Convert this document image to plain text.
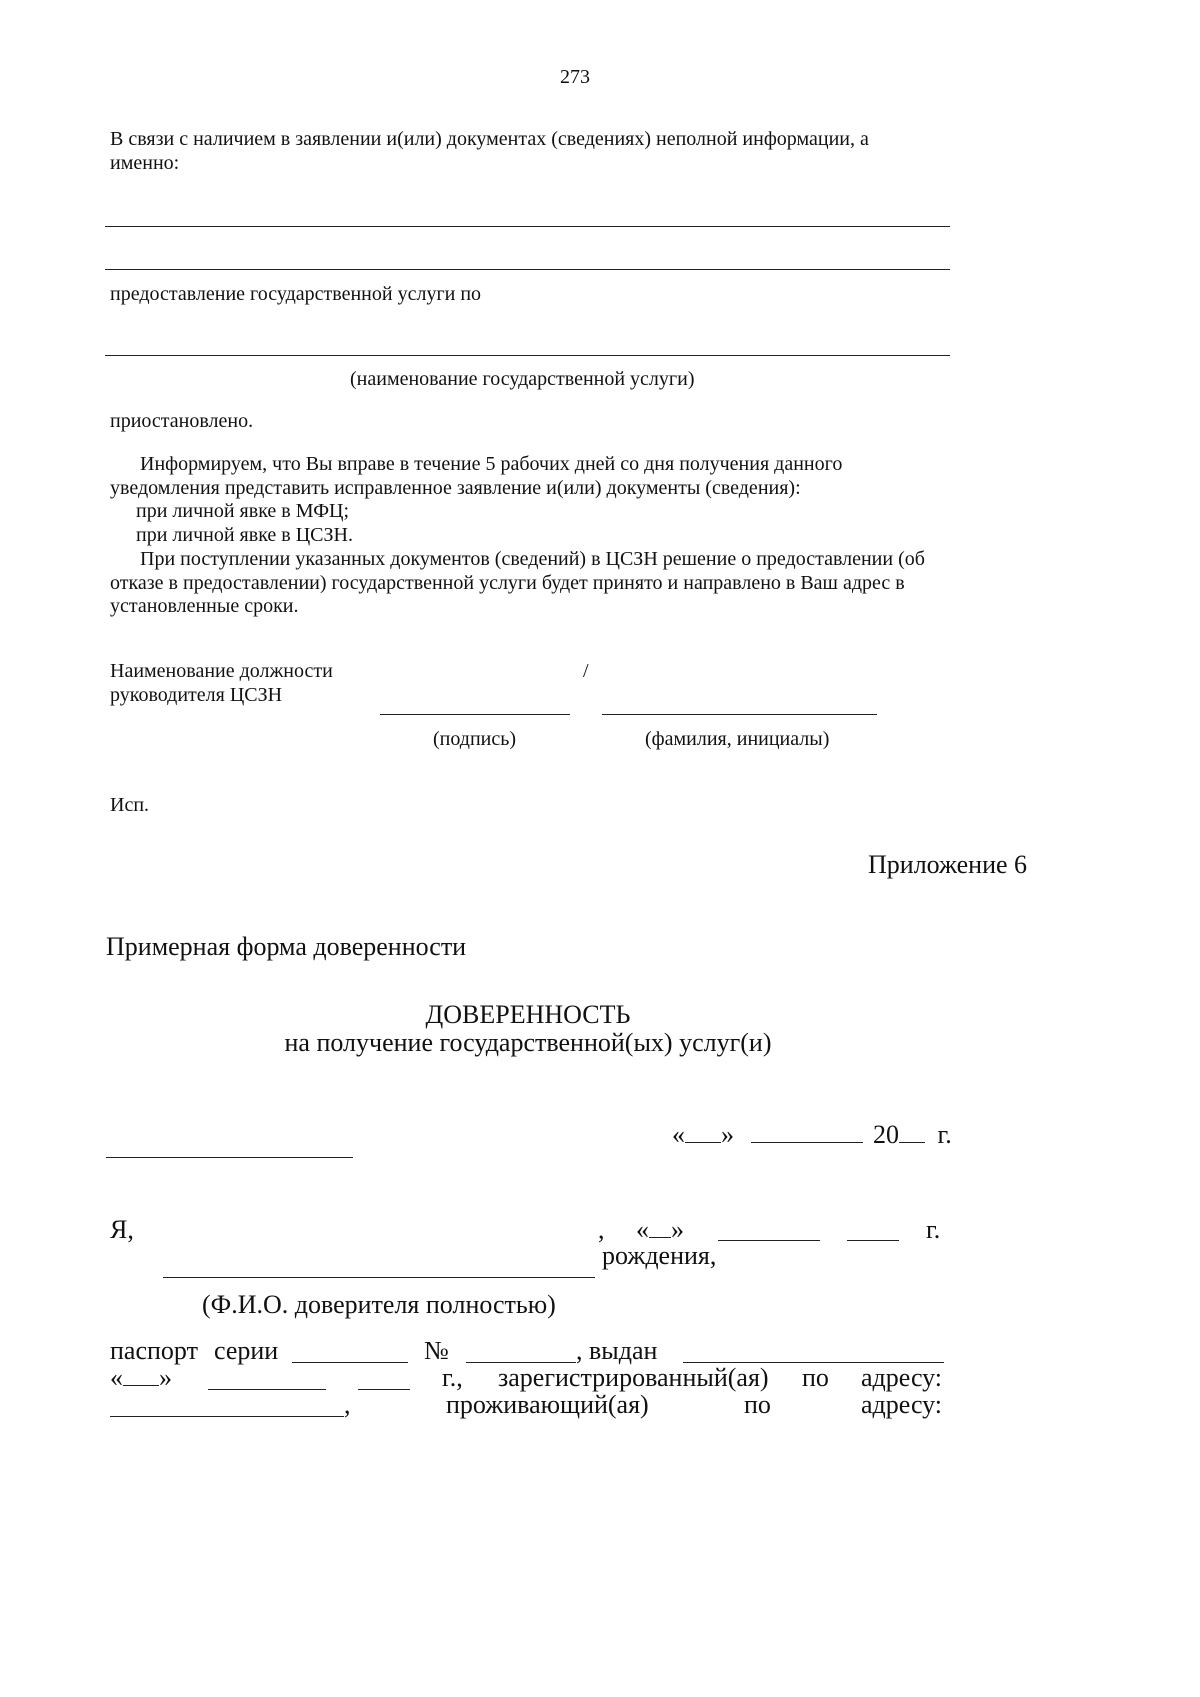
273
В связи с наличием в заявлении и(или) документах (сведениях) неполной информации, а
именно:
предоставление государственной услуги по
(наименование государственной услуги)
приостановлено.
Информируем, что Вы вправе в течение 5 рабочих дней со дня получения данного
уведомления представить исправленное заявление и(или) документы (сведения):
при личной явке в МФЦ;
при личной явке в ЦСЗН.
При поступлении указанных документов (сведений) в ЦСЗН решение о предоставлении (об
отказе в предоставлении) государственной услуги будет принято и направлено в Ваш адрес в
установленные сроки.
Наименование должности
руководителя ЦСЗН
/
(подпись)	(фамилия, инициалы)
Исп.
Приложение 6
Примерная форма доверенности
ДОВЕРЕННОСТЬ
на получение государственной(ых) услуг(и)
« »	20 г.
Я,	, « »	г.
рождения,
(Ф.И.О. доверителя полностью)
паспорт серии	№	, выдан
« »	г., зарегистрированный(ая) по адресу:
,	проживающий(ая)	по	адресу:
